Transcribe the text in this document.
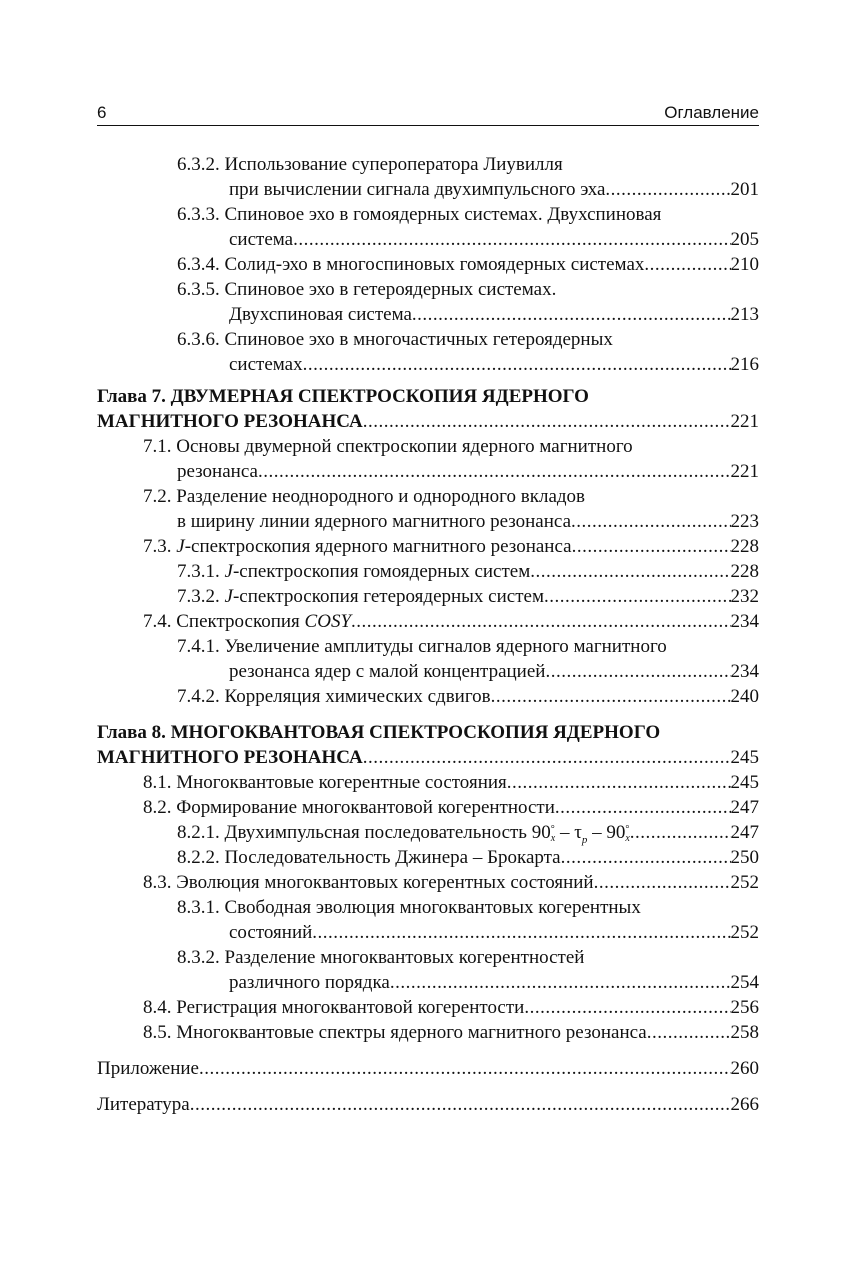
6	Оглавление
6.3.2. Использование супероператора Лиувилля
при вычислении сигнала двухимпульсного эха .....	201
6.3.3. Спиновое эхо в гомоядерных системах. Двухспиновая
система .....	205
6.3.4. Солид-эхо в многоспиновых гомоядерных системах .....	210
6.3.5. Спиновое эхо в гетероядерных системах.
Двухспиновая система .....	213
6.3.6. Спиновое эхо в многочастичных гетероядерных
системах .....	216
Глава 7. ДВУМЕРНАЯ СПЕКТРОСКОПИЯ ЯДЕРНОГО
МАГНИТНОГО РЕЗОНАНСА .....	221
7.1. Основы двумерной спектроскопии ядерного магнитного
резонанса .....	221
7.2. Разделение неоднородного и однородного вкладов
в ширину линии ядерного магнитного резонанса .....	223
7.3. J-спектроскопия ядерного магнитного резонанса .....	228
7.3.1. J-спектроскопия гомоядерных систем .....	228
7.3.2. J-спектроскопия гетероядерных систем .....	232
7.4. Спектроскопия COSY .....	234
7.4.1. Увеличение амплитуды сигналов ядерного магнитного
резонанса ядер с малой концентрацией .....	234
7.4.2. Корреляция химических сдвигов .....	240
Глава 8. МНОГОКВАНТОВАЯ СПЕКТРОСКОПИЯ ЯДЕРНОГО
МАГНИТНОГО РЕЗОНАНСА .....	245
8.1. Многоквантовые когерентные состояния .....	245
8.2. Формирование многоквантовой когерентности .....	247
8.2.1. Двухимпульсная последовательность 90 °
x – $\tau_p - 90$ °
x .....	247
8.2.2. Последовательность Джинера – Брокарта .....	250
8.3. Эволюция многоквантовых когерентных состояний .....	252
8.3.1. Свободная эволюция многоквантовых когерентных
состояний .....	252
8.3.2. Разделение многоквантовых когерентностей
различного порядка .....	254
8.4. Регистрация многоквантовой когерентости .....	256
8.5. Многоквантовые спектры ядерного магнитного резонанса .....	258
Приложение .....	260
Литература .....	266
